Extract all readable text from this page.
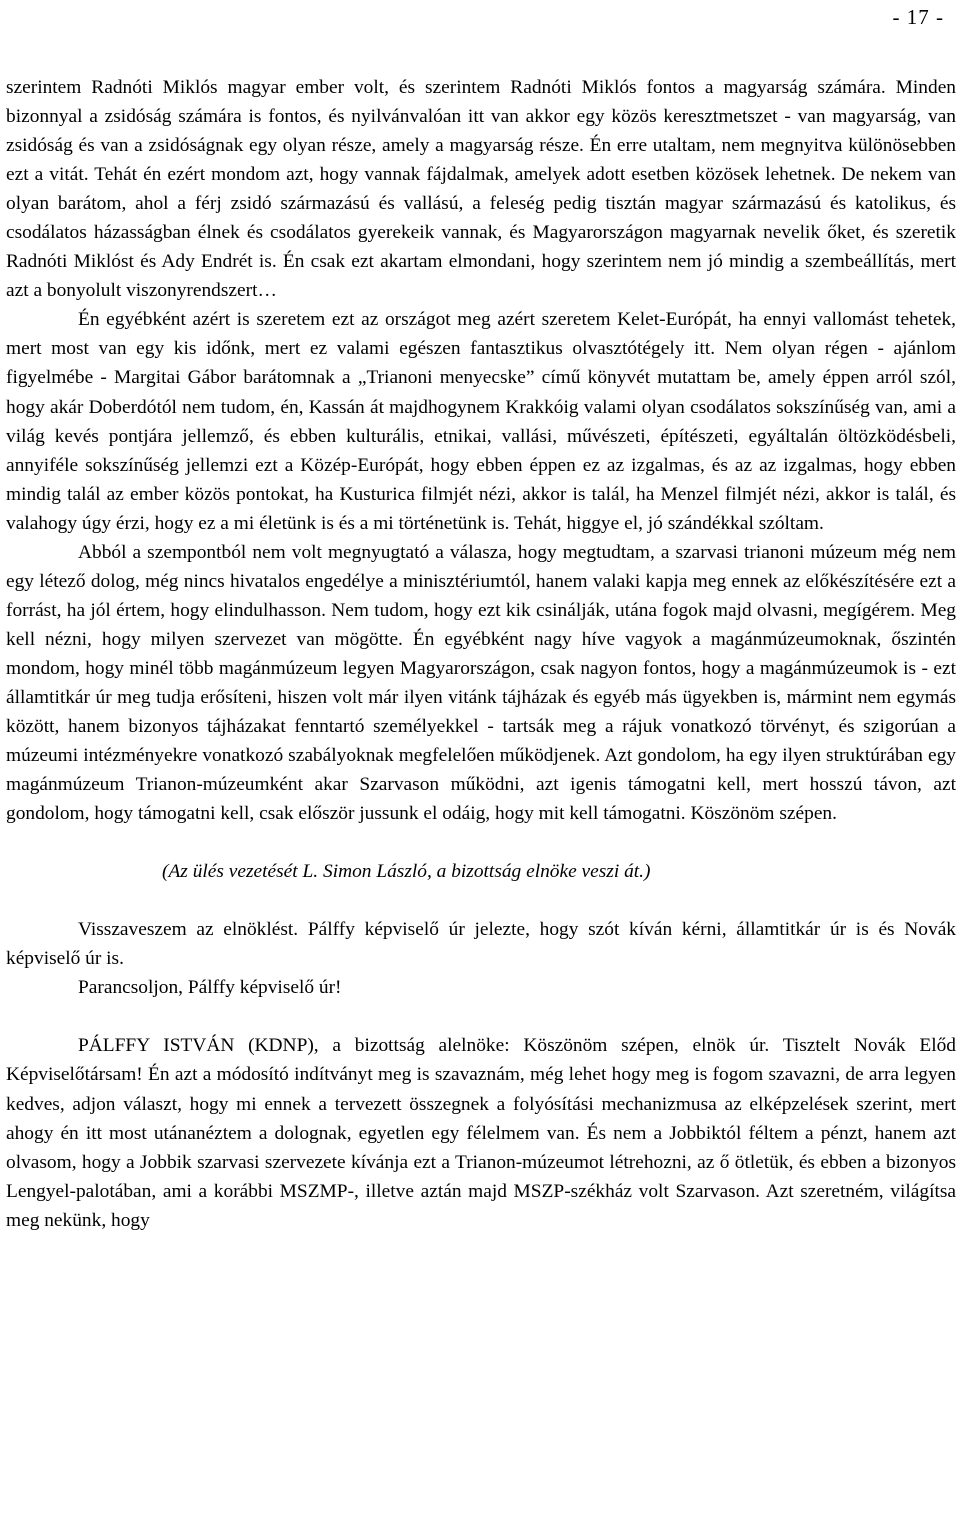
- 17 -

szerintem Radnóti Miklós magyar ember volt, és szerintem Radnóti Miklós fontos a magyarság számára. Minden bizonnyal a zsidóság számára is fontos, és nyilvánvalóan itt van akkor egy közös keresztmetszet - van magyarság, van zsidóság és van a zsidóságnak egy olyan része, amely a magyarság része. Én erre utaltam, nem megnyitva különösebben ezt a vitát. Tehát én ezért mondom azt, hogy vannak fájdalmak, amelyek adott esetben közösek lehetnek. De nekem van olyan barátom, ahol a férj zsidó származású és vallású, a feleség pedig tisztán magyar származású és katolikus, és csodálatos házasságban élnek és csodálatos gyerekeik vannak, és Magyarországon magyarnak nevelik őket, és szeretik Radnóti Miklóst és Ady Endrét is. Én csak ezt akartam elmondani, hogy szerintem nem jó mindig a szembeállítás, mert azt a bonyolult viszonyrendszert…

Én egyébként azért is szeretem ezt az országot meg azért szeretem Kelet-Európát, ha ennyi vallomást tehetek, mert most van egy kis időnk, mert ez valami egészen fantasztikus olvasztótégely itt. Nem olyan régen - ajánlom figyelmébe - Margitai Gábor barátomnak a „Trianoni menyecske” című könyvét mutattam be, amely éppen arról szól, hogy akár Doberdótól nem tudom, én, Kassán át majdhogynem Krakkóig valami olyan csodálatos sokszínűség van, ami a világ kevés pontjára jellemző, és ebben kulturális, etnikai, vallási, művészeti, építészeti, egyáltalán öltözködésbeli, annyiféle sokszínűség jellemzi ezt a Közép-Európát, hogy ebben éppen ez az izgalmas, és az az izgalmas, hogy ebben mindig talál az ember közös pontokat, ha Kusturica filmjét nézi, akkor is talál, ha Menzel filmjét nézi, akkor is talál, és valahogy úgy érzi, hogy ez a mi életünk is és a mi történetünk is. Tehát, higgye el, jó szándékkal szóltam.

Abból a szempontból nem volt megnyugtató a válasza, hogy megtudtam, a szarvasi trianoni múzeum még nem egy létező dolog, még nincs hivatalos engedélye a minisztériumtól, hanem valaki kapja meg ennek az előkészítésére ezt a forrást, ha jól értem, hogy elindulhasson. Nem tudom, hogy ezt kik csinálják, utána fogok majd olvasni, megígérem. Meg kell nézni, hogy milyen szervezet van mögötte. Én egyébként nagy híve vagyok a magánmúzeumoknak, őszintén mondom, hogy minél több magánmúzeum legyen Magyarországon, csak nagyon fontos, hogy a magánmúzeumok is - ezt államtitkár úr meg tudja erősíteni, hiszen volt már ilyen vitánk tájházak és egyéb más ügyekben is, mármint nem egymás között, hanem bizonyos tájházakat fenntartó személyekkel - tartsák meg a rájuk vonatkozó törvényt, és szigorúan a múzeumi intézményekre vonatkozó szabályoknak megfelelően működjenek. Azt gondolom, ha egy ilyen struktúrában egy magánmúzeum Trianon-múzeumként akar Szarvason működni, azt igenis támogatni kell, mert hosszú távon, azt gondolom, hogy támogatni kell, csak először jussunk el odáig, hogy mit kell támogatni. Köszönöm szépen.

(Az ülés vezetését L. Simon László, a bizottság elnöke veszi át.)

Visszaveszem az elnöklést. Pálffy képviselő úr jelezte, hogy szót kíván kérni, államtitkár úr is és Novák képviselő úr is.

Parancsoljon, Pálffy képviselő úr!

PÁLFFY ISTVÁN (KDNP), a bizottság alelnöke: Köszönöm szépen, elnök úr. Tisztelt Novák Előd Képviselőtársam! Én azt a módosító indítványt meg is szavaznám, még lehet hogy meg is fogom szavazni, de arra legyen kedves, adjon választ, hogy mi ennek a tervezett összegnek a folyósítási mechanizmusa az elképzelések szerint, mert ahogy én itt most utánanéztem a dolognak, egyetlen egy félelmem van. És nem a Jobbiktól féltem a pénzt, hanem azt olvasom, hogy a Jobbik szarvasi szervezete kívánja ezt a Trianon-múzeumot létrehozni, az ő ötletük, és ebben a bizonyos Lengyel-palotában, ami a korábbi MSZMP-, illetve aztán majd MSZP-székház volt Szarvason. Azt szeretném, világítsa meg nekünk, hogy
